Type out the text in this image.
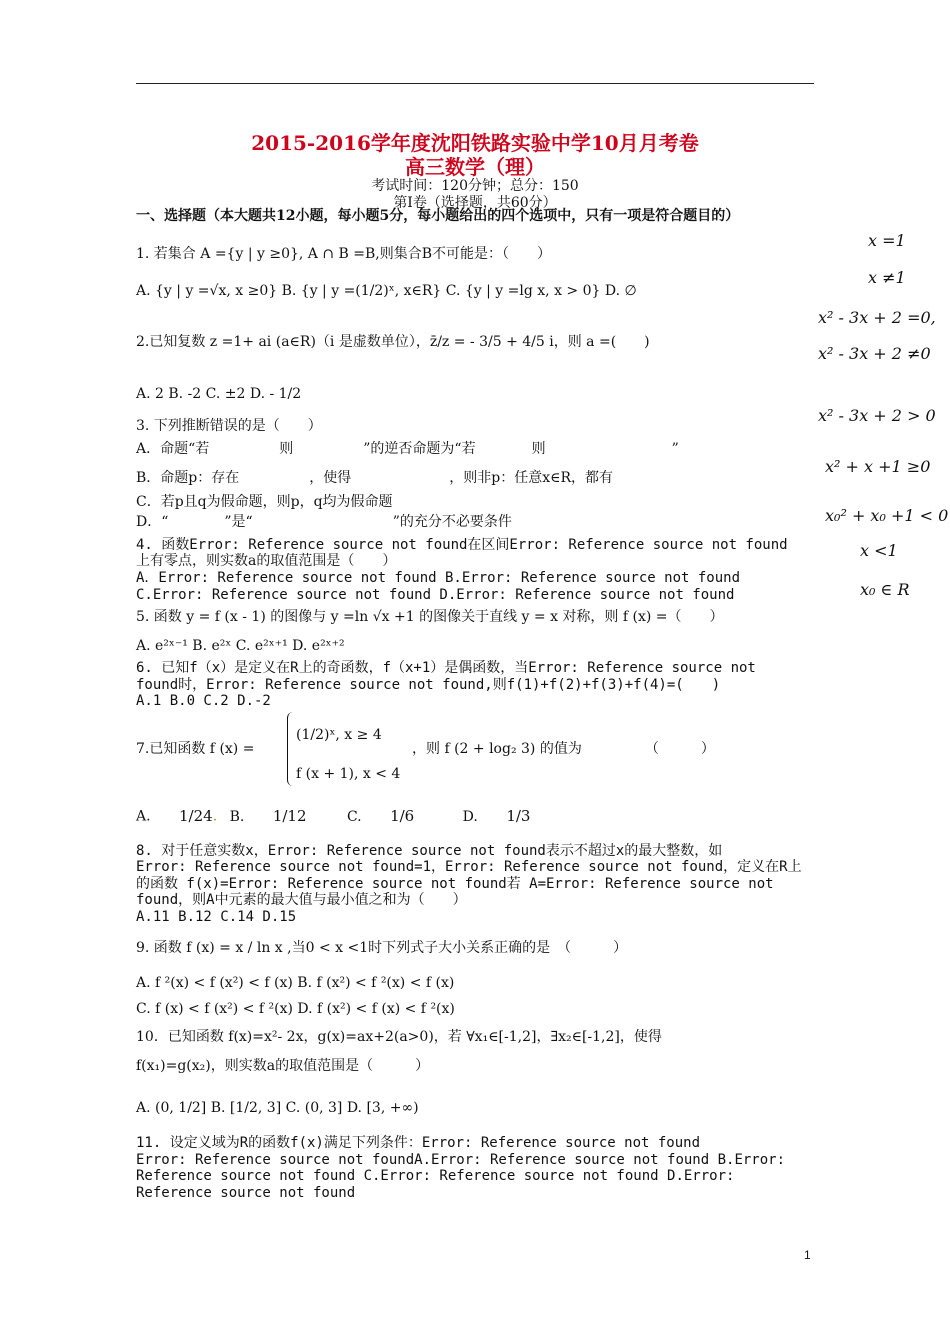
2015-2016学年度沈阳铁路实验中学10月月考卷
高三数学（理）
考试时间：120分钟；总分：150
第Ⅰ卷（选择题，共60分）
一、选择题（本大题共12小题，每小题5分，每小题给出的四个选项中，只有一项是符合题目的）
x =1
x ≠1
x² - 3x + 2 =0,
x² - 3x + 2 ≠0
x² - 3x + 2 > 0
x² + x +1 ≥0
x₀² + x₀ +1 < 0
x <1
x₀ ∈ R
1. 若集合 A ={y | y ≥0}, A ∩ B =B,则集合B不可能是：（　　）
A. {y | y =√x, x ≥0} B. {y | y =(1/2)ˣ, x∈R} C. {y | y =lg x, x > 0} D. ∅
2.已知复数 z =1+ ai (a∈R)（i 是虚数单位），z̄/z = - 3/5 + 4/5 i，则 a =(　　)
A. 2 B. -2 C. ±2 D. - 1/2
3. 下列推断错误的是（　　）
A．命题“若　　　　　则　　　　　”的逆否命题为“若　　　　则　　　　　　　　　”
B．命题p：存在　　　　　，使得　　　　　　　，则非p：任意x∈R，都有
C．若p且q为假命题，则p，q均为假命题
D．“　　　　”是“　　　　　　　　　　”的充分不必要条件
4. 函数Error: Reference source not found在区间Error: Reference source not found
上有零点，则实数a的取值范围是（　　）
A．Error: Reference source not found B.Error: Reference source not found
C.Error: Reference source not found D.Error: Reference source not found
5. 函数 y = f (x - 1) 的图像与 y =ln √x +1 的图像关于直线 y = x 对称，则 f (x) =（　　）
A. e²ˣ⁻¹ B. e²ˣ C. e²ˣ⁺¹ D. e²ˣ⁺²
6. 已知f（x）是定义在R上的奇函数，f（x+1）是偶函数，当Error: Reference source not
found时，Error: Reference source not found,则f(1)+f(2)+f(3)+f(4)=(　　)
A.1 B.0 C.2 D.-2
7.已知函数 f (x) =
(1/2)ˣ, x ≥ 4
f (x + 1), x < 4
，则 f (2 + log₂ 3) 的值为　　　　　（　　　）
A. 1/24. B. 1/12	C. 1/6	D. 1/3
8. 对于任意实数x，Error: Reference source not found表示不超过x的最大整数，如
Error: Reference source not found=1，Error: Reference source not found，定义在R上
的函数 f(x)=Error: Reference source not found若 A=Error: Reference source not
found，则A中元素的最大值与最小值之和为（　　）
A.11 B.12 C.14 D.15
9. 函数 f (x) = x / ln x ,当0 < x <1时下列式子大小关系正确的是　（　　　）
A. f ²(x) < f (x²) < f (x) B. f (x²) < f ²(x) < f (x)
C. f (x) < f (x²) < f ²(x) D. f (x²) < f (x) < f ²(x)
10．已知函数 f(x)=x²- 2x，g(x)=ax+2(a>0)，若 ∀x₁∈[-1,2]，∃x₂∈[-1,2]，使得
f(x₁)=g(x₂)，则实数a的取值范围是（　　　）
A. (0, 1/2] B. [1/2, 3] C. (0, 3] D. [3, +∞)
11. 设定义域为R的函数f(x)满足下列条件：Error: Reference source not found
Error: Reference source not foundA.Error: Reference source not found B.Error:
Reference source not found C.Error: Reference source not found D.Error:
Reference source not found
1
